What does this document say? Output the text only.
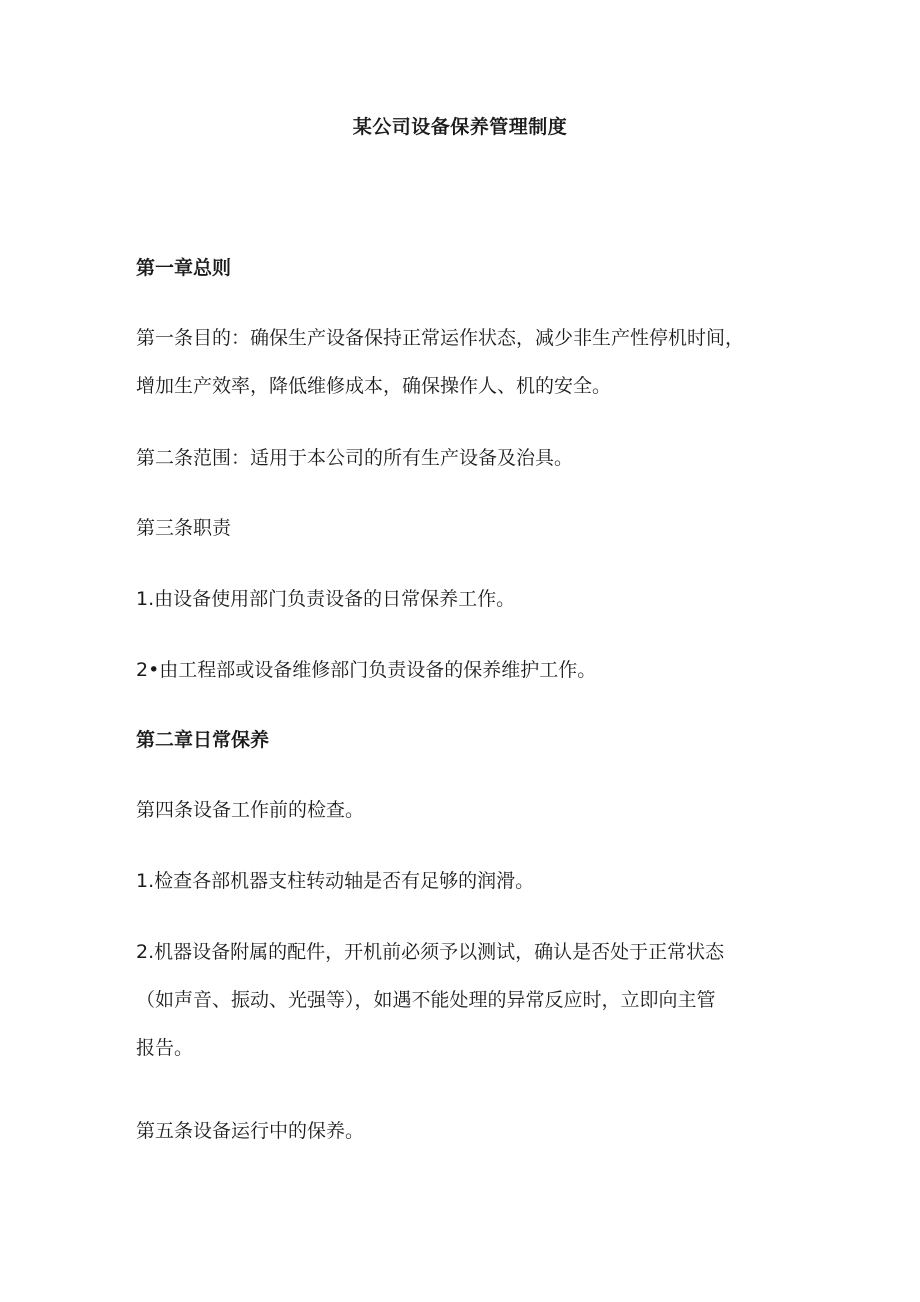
某公司设备保养管理制度
第一章总则
第一条目的：确保生产设备保持正常运作状态，减少非生产性停机时间，
增加生产效率，降低维修成本，确保操作人、机的安全。
第二条范围：适用于本公司的所有生产设备及治具。
第三条职责
1.由设备使用部门负责设备的日常保养工作。
2•由工程部或设备维修部门负责设备的保养维护工作。
第二章日常保养
第四条设备工作前的检查。
1.检查各部机器支柱转动轴是否有足够的润滑。
2.机器设备附属的配件，开机前必须予以测试，确认是否处于正常状态
（如声音、振动、光强等），如遇不能处理的异常反应时，立即向主管
报告。
第五条设备运行中的保养。
